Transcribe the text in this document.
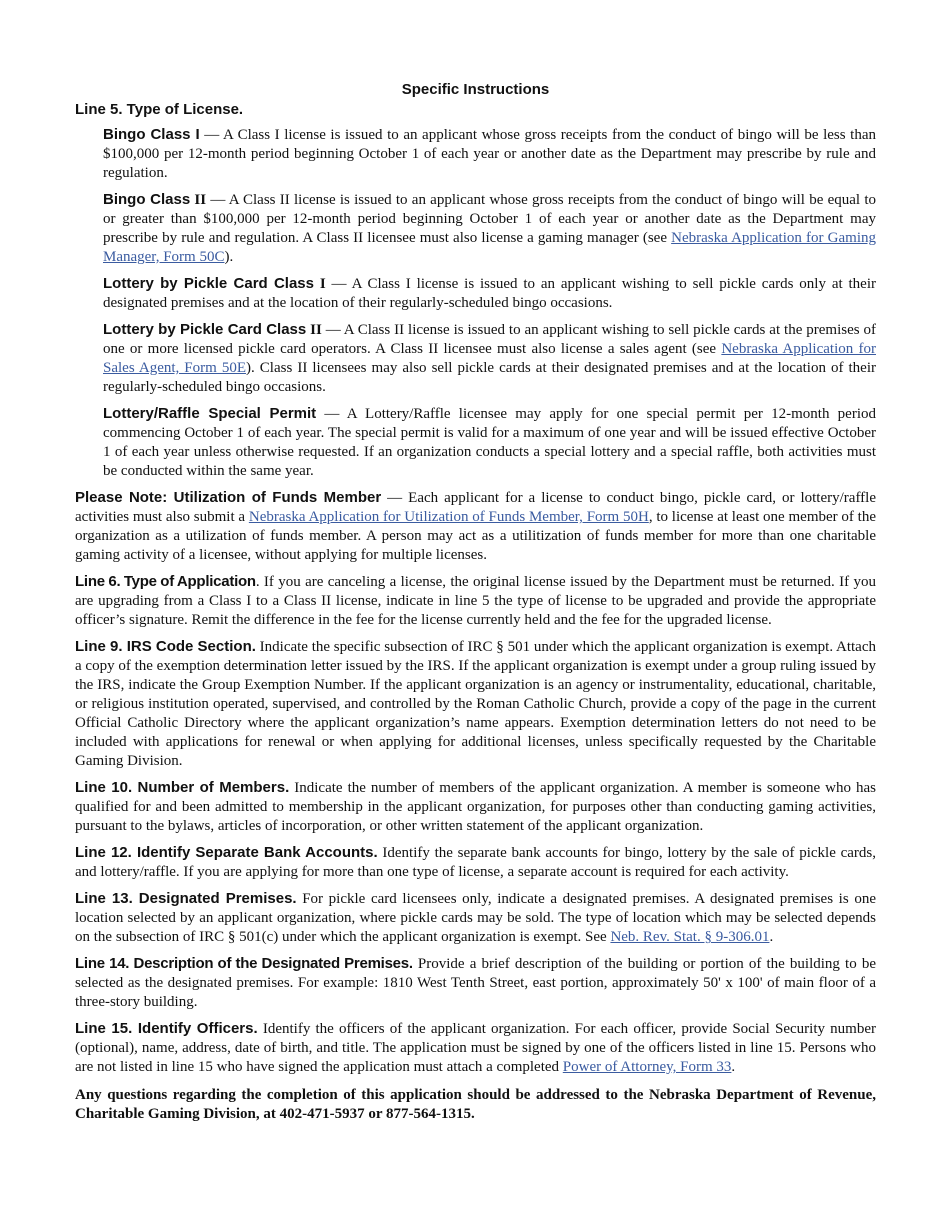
Specific Instructions
Line 5. Type of License.

Bingo Class I — A Class I license is issued to an applicant whose gross receipts from the conduct of bingo will be less than $100,000 per 12-month period beginning October 1 of each year or another date as the Department may prescribe by rule and regulation.

Bingo Class II — A Class II license is issued to an applicant whose gross receipts from the conduct of bingo will be equal to or greater than $100,000 per 12-month period beginning October 1 of each year or another date as the Department may prescribe by rule and regulation. A Class II licensee must also license a gaming manager (see Nebraska Application for Gaming Manager, Form 50C).

Lottery by Pickle Card Class I — A Class I license is issued to an applicant wishing to sell pickle cards only at their designated premises and at the location of their regularly-scheduled bingo occasions.

Lottery by Pickle Card Class II — A Class II license is issued to an applicant wishing to sell pickle cards at the premises of one or more licensed pickle card operators. A Class II licensee must also license a sales agent (see Nebraska Application for Sales Agent, Form 50E). Class II licensees may also sell pickle cards at their designated premises and at the location of their regularly-scheduled bingo occasions.

Lottery/Raffle Special Permit — A Lottery/Raffle licensee may apply for one special permit per 12-month period commencing October 1 of each year. The special permit is valid for a maximum of one year and will be issued effective October 1 of each year unless otherwise requested. If an organization conducts a special lottery and a special raffle, both activities must be conducted within the same year.

Please Note: Utilization of Funds Member — Each applicant for a license to conduct bingo, pickle card, or lottery/raffle activities must also submit a Nebraska Application for Utilization of Funds Member, Form 50H, to license at least one member of the organization as a utilization of funds member. A person may act as a utilitization of funds member for more than one charitable gaming activity of a licensee, without applying for multiple licenses.

Line 6. Type of Application. If you are canceling a license, the original license issued by the Department must be returned. If you are upgrading from a Class I to a Class II license, indicate in line 5 the type of license to be upgraded and provide the appropriate officer’s signature. Remit the difference in the fee for the license currently held and the fee for the upgraded license.

Line 9. IRS Code Section. Indicate the specific subsection of IRC § 501 under which the applicant organization is exempt. Attach a copy of the exemption determination letter issued by the IRS. If the applicant organization is exempt under a group ruling issued by the IRS, indicate the Group Exemption Number. If the applicant organization is an agency or instrumentality, educational, charitable, or religious institution operated, supervised, and controlled by the Roman Catholic Church, provide a copy of the page in the current Official Catholic Directory where the applicant organization’s name appears. Exemption determination letters do not need to be included with applications for renewal or when applying for additional licenses, unless specifically requested by the Charitable Gaming Division.

Line 10. Number of Members. Indicate the number of members of the applicant organization. A member is someone who has qualified for and been admitted to membership in the applicant organization, for purposes other than conducting gaming activities, pursuant to the bylaws, articles of incorporation, or other written statement of the applicant organization.

Line 12. Identify Separate Bank Accounts. Identify the separate bank accounts for bingo, lottery by the sale of pickle cards, and lottery/raffle. If you are applying for more than one type of license, a separate account is required for each activity.

Line 13. Designated Premises. For pickle card licensees only, indicate a designated premises. A designated premises is one location selected by an applicant organization, where pickle cards may be sold. The type of location which may be selected depends on the subsection of IRC § 501(c) under which the applicant organization is exempt. See Neb. Rev. Stat. § 9-306.01.

Line 14. Description of the Designated Premises. Provide a brief description of the building or portion of the building to be selected as the designated premises. For example: 1810 West Tenth Street, east portion, approximately 50' x 100' of main floor of a three-story building.

Line 15. Identify Officers. Identify the officers of the applicant organization. For each officer, provide Social Security number (optional), name, address, date of birth, and title. The application must be signed by one of the officers listed in line 15. Persons who are not listed in line 15 who have signed the application must attach a completed Power of Attorney, Form 33.

Any questions regarding the completion of this application should be addressed to the Nebraska Department of Revenue, Charitable Gaming Division, at 402-471-5937 or 877-564-1315.
